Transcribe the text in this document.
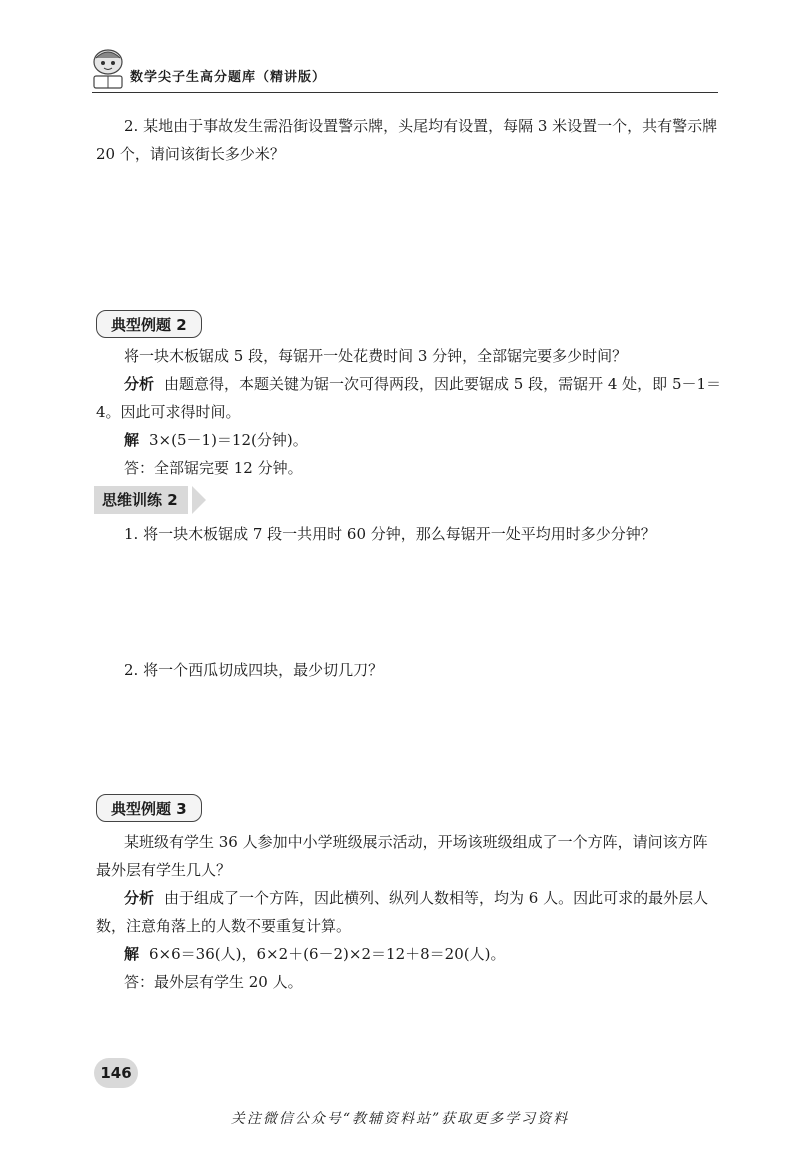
数学尖子生高分题库（精讲版）

2. 某地由于事故发生需沿街设置警示牌，头尾均有设置，每隔 3 米设置一个，共有警示牌

20 个，请问该街长多少米？

典型例题 2

将一块木板锯成 5 段，每锯开一处花费时间 3 分钟，全部锯完要多少时间？

分析 由题意得，本题关键为锯一次可得两段，因此要锯成 5 段，需锯开 4 处，即 5－1＝

4。因此可求得时间。

解 3×(5－1)＝12(分钟)。

答：全部锯完要 12 分钟。

思维训练 2

1. 将一块木板锯成 7 段一共用时 60 分钟，那么每锯开一处平均用时多少分钟？

2. 将一个西瓜切成四块，最少切几刀？

典型例题 3

某班级有学生 36 人参加中小学班级展示活动，开场该班级组成了一个方阵，请问该方阵

最外层有学生几人？

分析 由于组成了一个方阵，因此横列、纵列人数相等，均为 6 人。因此可求的最外层人

数，注意角落上的人数不要重复计算。

解 6×6＝36(人)，6×2＋(6－2)×2＝12＋8＝20(人)。

答：最外层有学生 20 人。

146
关注微信公众号“教辅资料站”获取更多学习资料
